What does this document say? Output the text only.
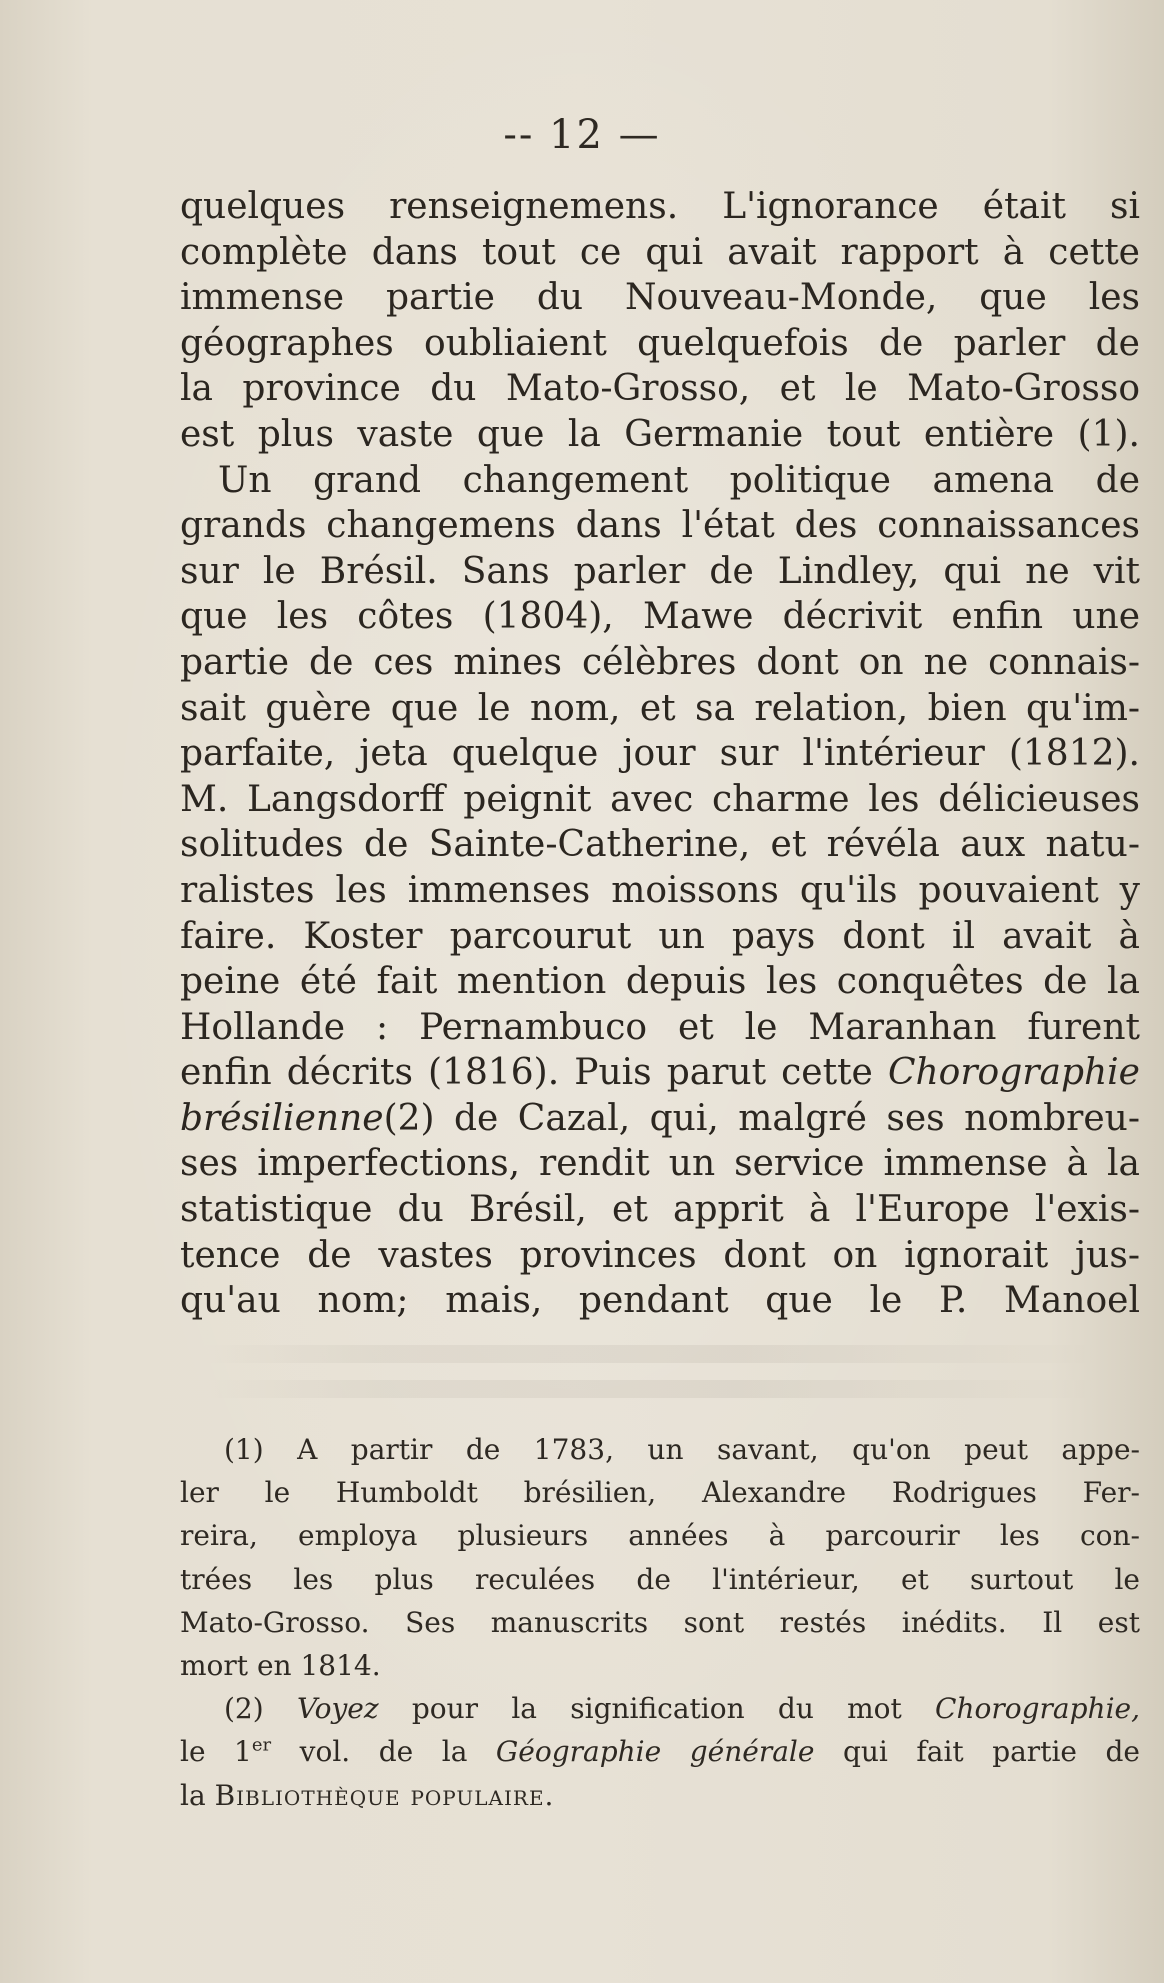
-- 12 —
quelques renseignemens. L'ignorance était si
complète dans tout ce qui avait rapport à cette
immense partie du Nouveau-Monde, que les
géographes oubliaient quelquefois de parler de
la province du Mato-Grosso, et le Mato-Grosso
est plus vaste que la Germanie tout entière (1).
Un grand changement politique amena de
grands changemens dans l'état des connaissances
sur le Brésil. Sans parler de Lindley, qui ne vit
que les côtes (1804), Mawe décrivit enfin une
partie de ces mines célèbres dont on ne connais-
sait guère que le nom, et sa relation, bien qu'im-
parfaite, jeta quelque jour sur l'intérieur (1812).
M. Langsdorff peignit avec charme les délicieuses
solitudes de Sainte-Catherine, et révéla aux natu-
ralistes les immenses moissons qu'ils pouvaient y
faire. Koster parcourut un pays dont il avait à
peine été fait mention depuis les conquêtes de la
Hollande : Pernambuco et le Maranhan furent
enfin décrits (1816). Puis parut cette Chorographie
brésilienne(2) de Cazal, qui, malgré ses nombreu-
ses imperfections, rendit un service immense à la
statistique du Brésil, et apprit à l'Europe l'exis-
tence de vastes provinces dont on ignorait jus-
qu'au nom; mais, pendant que le P. Manoel
(1) A partir de 1783, un savant, qu'on peut appe-
ler le Humboldt brésilien, Alexandre Rodrigues Fer-
reira, employa plusieurs années à parcourir les con-
trées les plus reculées de l'intérieur, et surtout le
Mato-Grosso. Ses manuscrits sont restés inédits. Il est
mort en 1814.
(2) Voyez pour la signification du mot Chorographie,
le 1er vol. de la Géographie générale qui fait partie de
la Bibliothèque populaire.
